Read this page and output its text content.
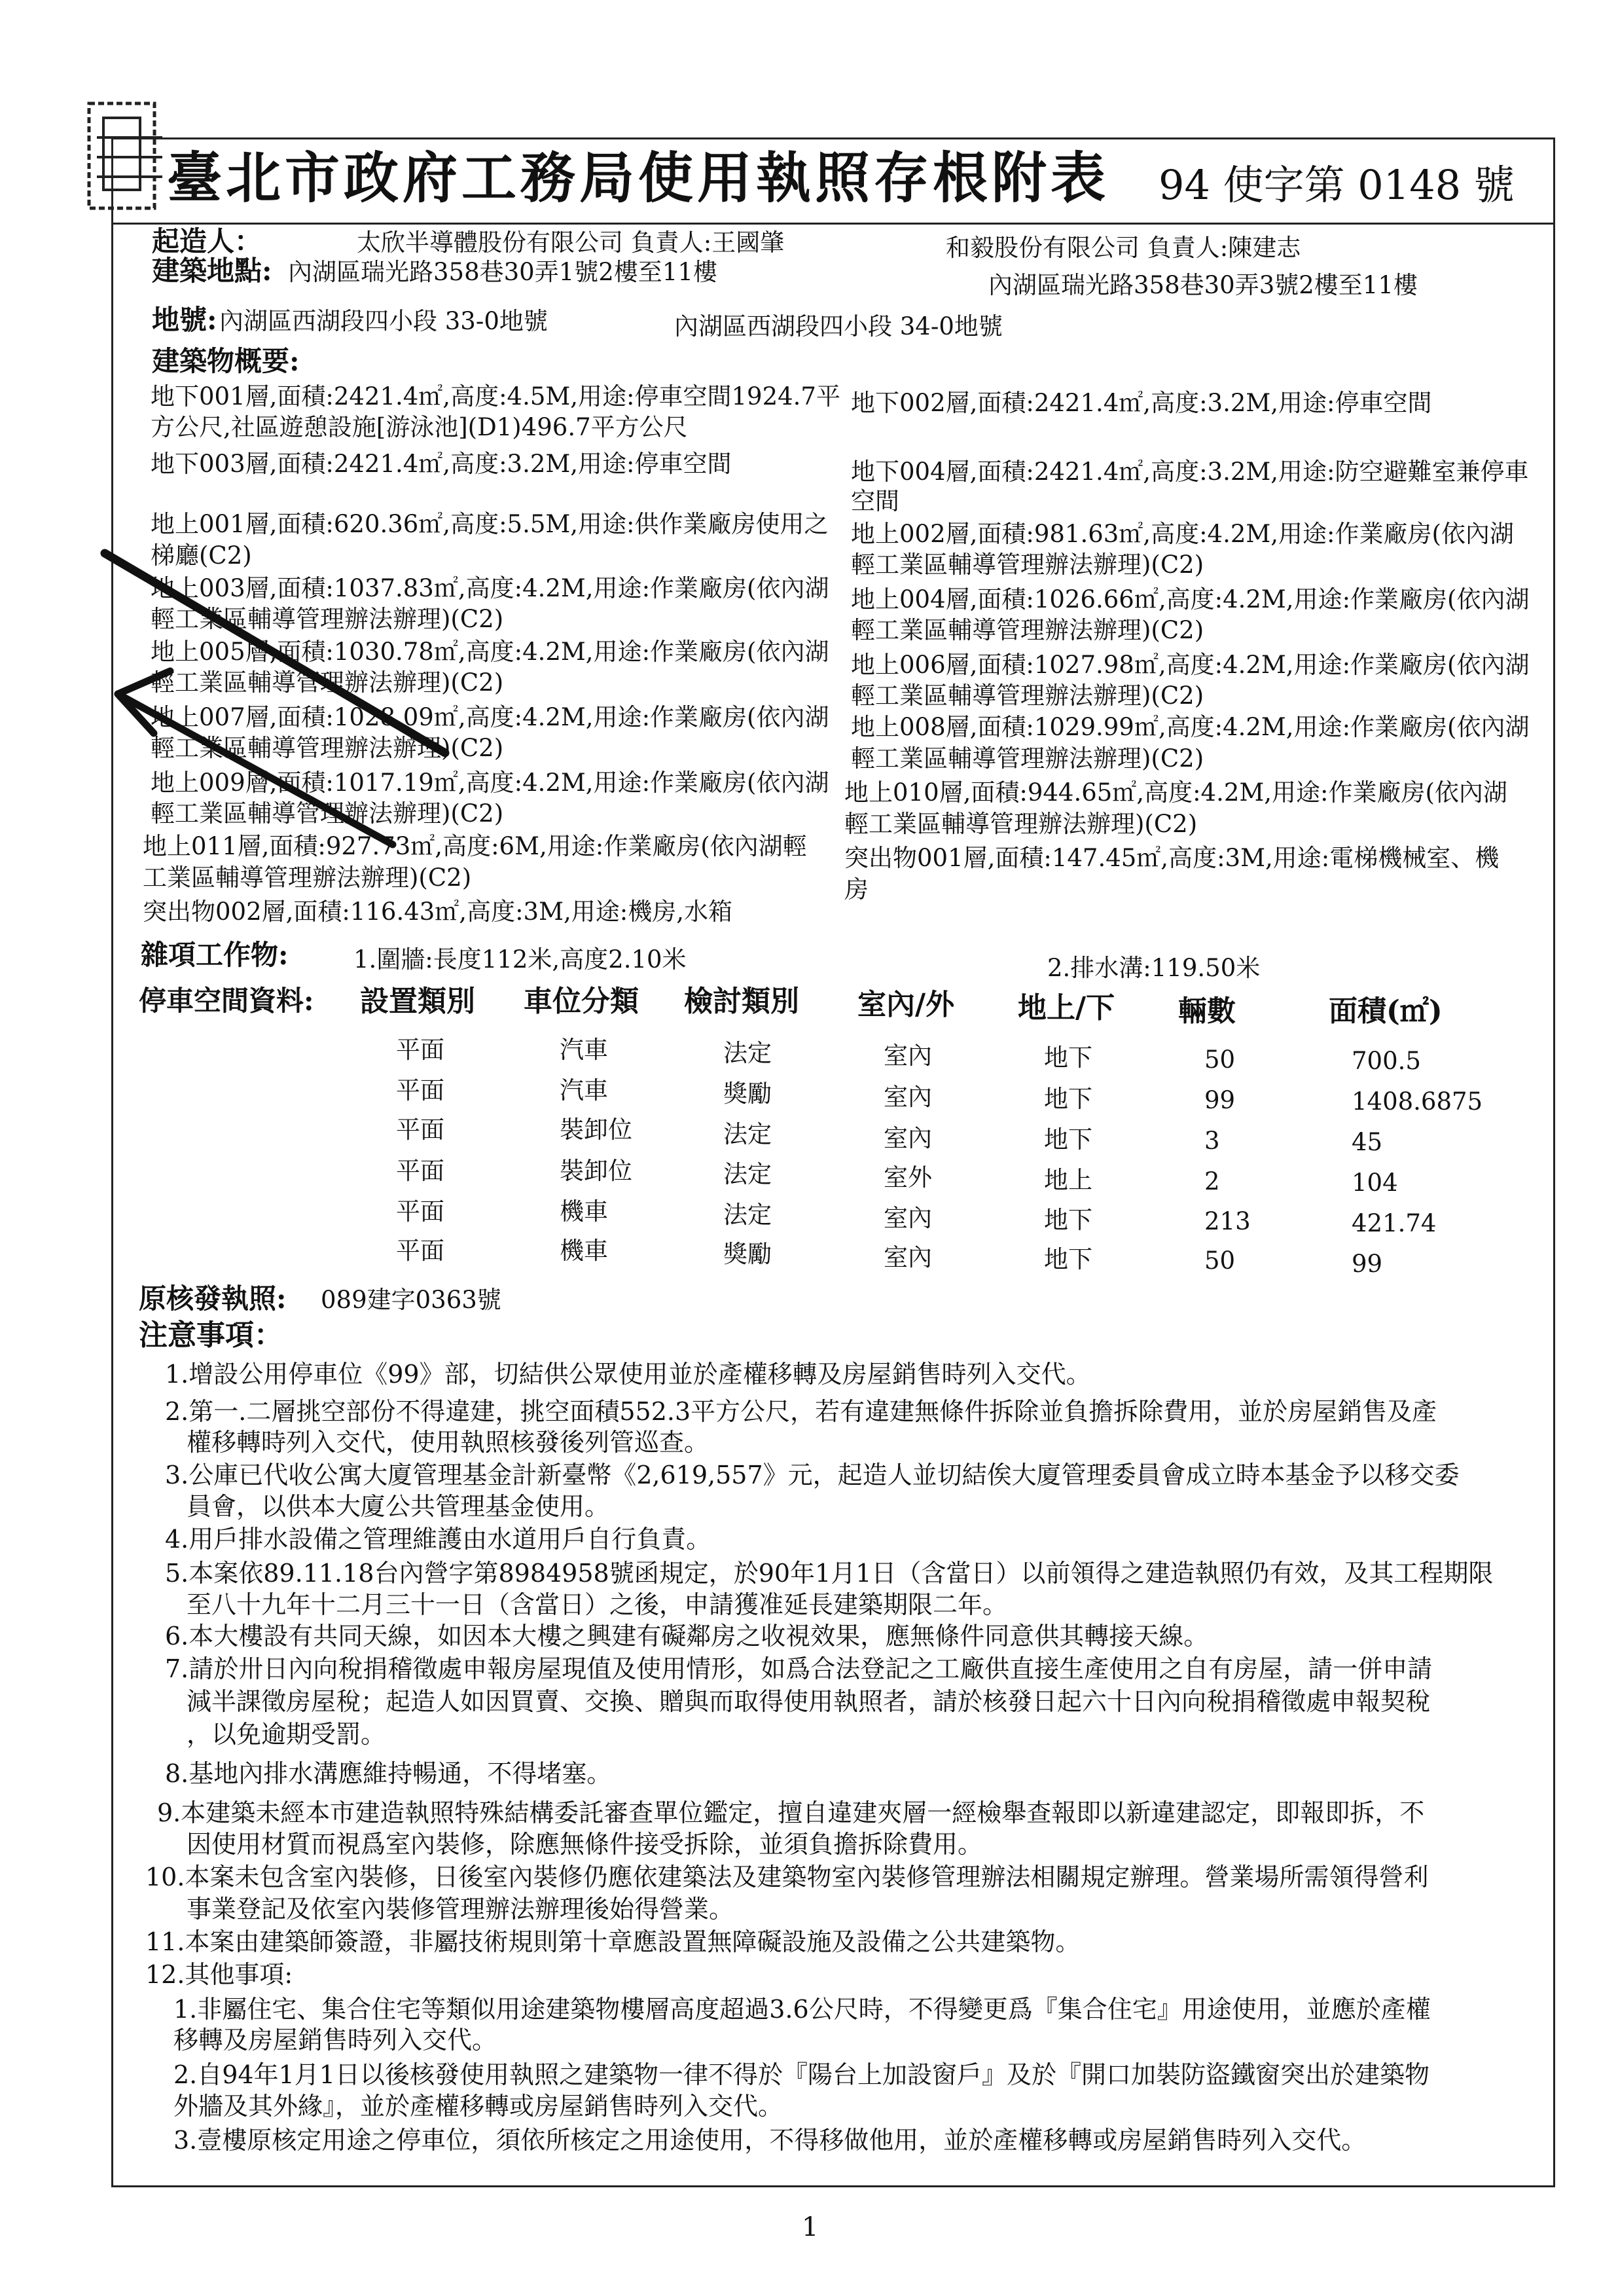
臺北市政府工務局使用執照存根附表 94 使字第 0148 號
起造人：	太欣半導體股份有限公司 負責人:王國肇	和毅股份有限公司 負責人:陳建志
建築地點: 內湖區瑞光路358巷30弄1號2樓至11樓	內湖區瑞光路358巷30弄3號2樓至11樓
地號: 內湖區西湖段四小段 33-0地號	內湖區西湖段四小段 34-0地號
建築物概要:
地下001層,面積:2421.4㎡,高度:4.5M,用途:停車空間1924.7平
方公尺,社區遊憩設施[游泳池](D1)496.7平方公尺
地下003層,面積:2421.4㎡,高度:3.2M,用途:停車空間
地上001層,面積:620.36㎡,高度:5.5M,用途:供作業廠房使用之
梯廳(C2)
地上003層,面積:1037.83㎡,高度:4.2M,用途:作業廠房(依內湖
輕工業區輔導管理辦法辦理)(C2)
地上005層,面積:1030.78㎡,高度:4.2M,用途:作業廠房(依內湖
輕工業區輔導管理辦法辦理)(C2)
地上007層,面積:1028.09㎡,高度:4.2M,用途:作業廠房(依內湖
輕工業區輔導管理辦法辦理)(C2)
地上009層,面積:1017.19㎡,高度:4.2M,用途:作業廠房(依內湖
輕工業區輔導管理辦法辦理)(C2)
地上011層,面積:927.73㎡,高度:6M,用途:作業廠房(依內湖輕
工業區輔導管理辦法辦理)(C2)
突出物002層,面積:116.43㎡,高度:3M,用途:機房,水箱
地下002層,面積:2421.4㎡,高度:3.2M,用途:停車空間
地下004層,面積:2421.4㎡,高度:3.2M,用途:防空避難室兼停車
空間
地上002層,面積:981.63㎡,高度:4.2M,用途:作業廠房(依內湖
輕工業區輔導管理辦法辦理)(C2)
地上004層,面積:1026.66㎡,高度:4.2M,用途:作業廠房(依內湖
輕工業區輔導管理辦法辦理)(C2)
地上006層,面積:1027.98㎡,高度:4.2M,用途:作業廠房(依內湖
輕工業區輔導管理辦法辦理)(C2)
地上008層,面積:1029.99㎡,高度:4.2M,用途:作業廠房(依內湖
輕工業區輔導管理辦法辦理)(C2)
地上010層,面積:944.65㎡,高度:4.2M,用途:作業廠房(依內湖
輕工業區輔導管理辦法辦理)(C2)
突出物001層,面積:147.45㎡,高度:3M,用途:電梯機械室、機
房
雜項工作物:	1.圍牆:長度112米,高度2.10米	2.排水溝:119.50米
停車空間資料: 設置類別 車位分類 檢討類別 室內/外 地上/下 輛數	面積(㎡)
平面	汽車	法定	室內	地下	50	700.5
平面	汽車	獎勵	室內	地下	99	1408.6875
平面	裝卸位	法定	室內	地下	3	45
平面	裝卸位	法定	室外	地上	2	104
平面	機車	法定	室內	地下	213	421.74
平面	機車	獎勵	室內	地下	50	99
原核發執照: 089建字0363號
注意事項：
1.增設公用停車位《99》部，切結供公眾使用並於產權移轉及房屋銷售時列入交代。
2.第一.二層挑空部份不得違建，挑空面積552.3平方公尺，若有違建無條件拆除並負擔拆除費用，並於房屋銷售及產
權移轉時列入交代，使用執照核發後列管巡查。
3.公庫已代收公寓大廈管理基金計新臺幣《2,619,557》元，起造人並切結俟大廈管理委員會成立時本基金予以移交委
員會，以供本大廈公共管理基金使用。
4.用戶排水設備之管理維護由水道用戶自行負責。
5.本案依89.11.18台內營字第8984958號函規定，於90年1月1日（含當日）以前領得之建造執照仍有效，及其工程期限
至八十九年十二月三十一日（含當日）之後，申請獲准延長建築期限二年。
6.本大樓設有共同天線，如因本大樓之興建有礙鄰房之收視效果，應無條件同意供其轉接天線。
7.請於卅日內向稅捐稽徵處申報房屋現值及使用情形，如爲合法登記之工廠供直接生產使用之自有房屋，請一併申請
減半課徵房屋稅；起造人如因買賣、交換、贈與而取得使用執照者，請於核發日起六十日內向稅捐稽徵處申報契稅
，以免逾期受罰。
8.基地內排水溝應維持暢通，不得堵塞。
9.本建築未經本市建造執照特殊結構委託審查單位鑑定，擅自違建夾層一經檢舉查報即以新違建認定，即報即拆，不
因使用材質而視爲室內裝修，除應無條件接受拆除，並須負擔拆除費用。
10.本案未包含室內裝修，日後室內裝修仍應依建築法及建築物室內裝修管理辦法相關規定辦理。營業場所需領得營利
事業登記及依室內裝修管理辦法辦理後始得營業。
11.本案由建築師簽證，非屬技術規則第十章應設置無障礙設施及設備之公共建築物。
12.其他事項:
1.非屬住宅、集合住宅等類似用途建築物樓層高度超過3.6公尺時，不得變更爲『集合住宅』用途使用，並應於產權
移轉及房屋銷售時列入交代。
2.自94年1月1日以後核發使用執照之建築物一律不得於『陽台上加設窗戶』及於『開口加裝防盜鐵窗突出於建築物
外牆及其外緣』，並於產權移轉或房屋銷售時列入交代。
3.壹樓原核定用途之停車位，須依所核定之用途使用，不得移做他用，並於產權移轉或房屋銷售時列入交代。
1
